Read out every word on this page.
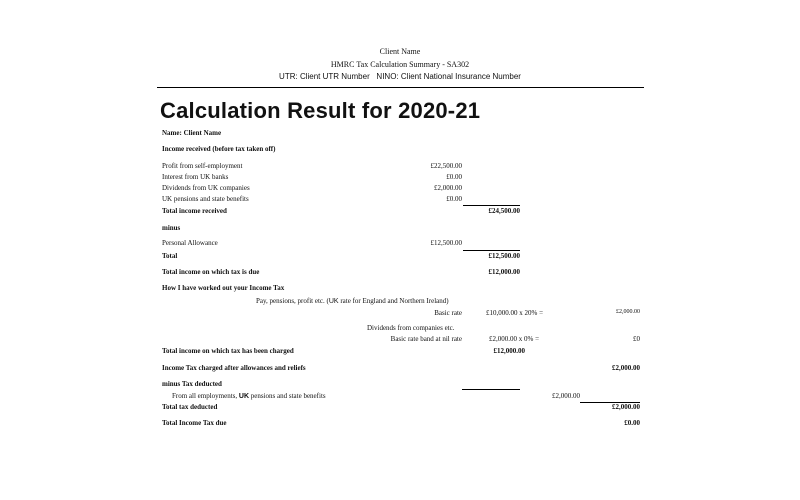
Client Name
HMRC Tax Calculation Summary - SA302
UTR: Client UTR Number NINO: Client National Insurance Number
Calculation Result for 2020-21
Name: Client Name
Income received (before tax taken off)
Profit from self-employment	£22,500.00
Interest from UK banks	£0.00
Dividends from UK companies	£2,000.00
UK pensions and state benefits	£0.00
Total income received	£24,500.00
minus
Personal Allowance	£12,500.00
Total	£12,500.00
Total income on which tax is due	£12,000.00
How I have worked out your Income Tax
Pay, pensions, profit etc. (UK rate for England and Northern Ireland)
Basic rate	£10,000.00 x 20% =	£2,000.00
Dividends from companies etc.
Basic rate band at nil rate	£2,000.00 x 0% =	£0
Total income on which tax has been charged	£12,000.00
Income Tax charged after allowances and reliefs	£2,000.00
minus Tax deducted
From all employments, UK pensions and state benefits	£2,000.00
Total tax deducted	£2,000.00
Total Income Tax due	£0.00
